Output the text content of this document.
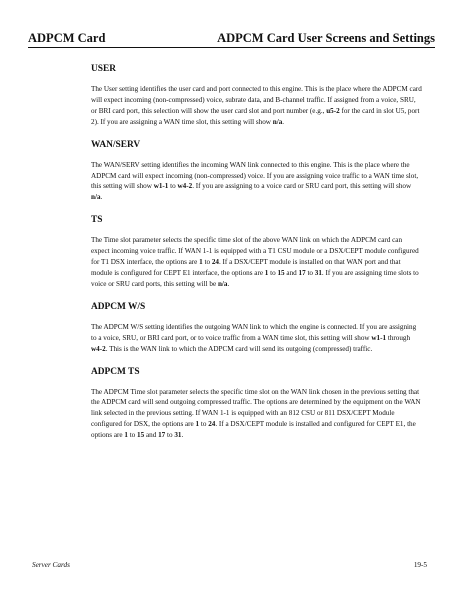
ADPCM Card	ADPCM Card User Screens and Settings
USER

The User setting identifies the user card and port connected to this engine. This is the place where the ADPCM card will expect incoming (non-compressed) voice, subrate data, and B-channel traffic. If assigned from a voice, SRU, or BRI card port, this selection will show the user card slot and port number (e.g., u5-2 for the card in slot U5, port 2). If you are assigning a WAN time slot, this setting will show n/a.

WAN/SERV

The WAN/SERV setting identifies the incoming WAN link connected to this engine. This is the place where the ADPCM card will expect incoming (non-compressed) voice. If you are assigning voice traffic to a WAN time slot, this setting will show w1-1 to w4-2. If you are assigning to a voice card or SRU card port, this setting will show n/a.

TS

The Time slot parameter selects the specific time slot of the above WAN link on which the ADPCM card can expect incoming voice traffic. If WAN 1-1 is equipped with a T1 CSU module or a DSX/CEPT module configured for T1 DSX interface, the options are 1 to 24. If a DSX/CEPT module is installed on that WAN port and that module is configured for CEPT E1 interface, the options are 1 to 15 and 17 to 31. If you are assigning time slots to voice or SRU card ports, this setting will be n/a.

ADPCM W/S

The ADPCM W/S setting identifies the outgoing WAN link to which the engine is connected. If you are assigning to a voice, SRU, or BRI card port, or to voice traffic from a WAN time slot, this setting will show w1-1 through w4-2. This is the WAN link to which the ADPCM card will send its outgoing (compressed) traffic.

ADPCM TS

The ADPCM Time slot parameter selects the specific time slot on the WAN link chosen in the previous setting that the ADPCM card will send outgoing compressed traffic. The options are determined by the equipment on the WAN link selected in the previous setting. If WAN 1-1 is equipped with an 812 CSU or 811 DSX/CEPT Module configured for DSX, the options are 1 to 24. If a DSX/CEPT module is installed and configured for CEPT E1, the options are 1 to 15 and 17 to 31.

Server Cards	19-5
